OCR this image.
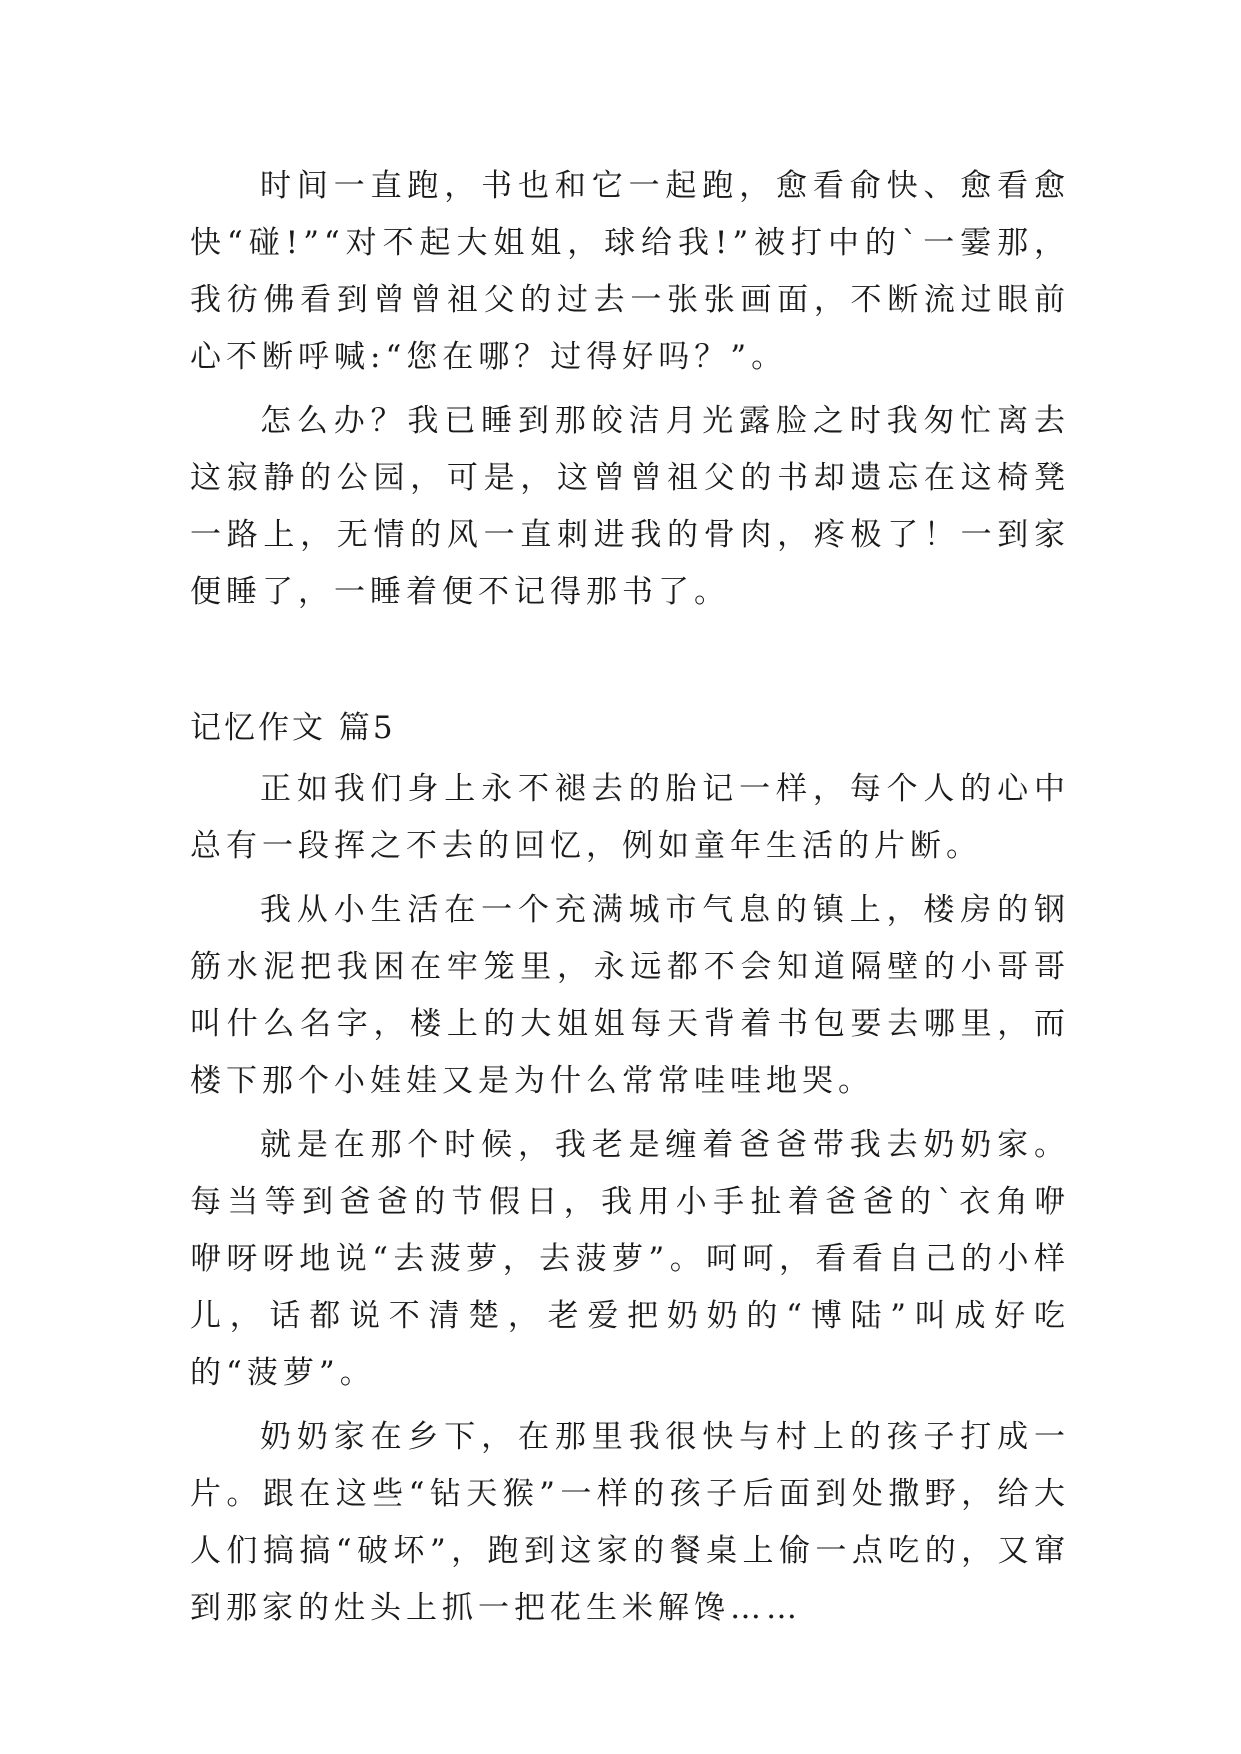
时间一直跑，书也和它一起跑，愈看俞快、愈看愈快“碰!”“对不起大姐姐，球给我!”被打中的`一霎那，我彷佛看到曾曾祖父的过去一张张画面，不断流过眼前心不断呼喊:“您在哪？过得好吗？”。

怎么办？我已睡到那皎洁月光露脸之时我匆忙离去这寂静的公园，可是，这曾曾祖父的书却遗忘在这椅凳一路上，无情的风一直刺进我的骨肉，疼极了！一到家便睡了，一睡着便不记得那书了。

记忆作文 篇5

正如我们身上永不褪去的胎记一样，每个人的心中总有一段挥之不去的回忆，例如童年生活的片断。

我从小生活在一个充满城市气息的镇上，楼房的钢筋水泥把我困在牢笼里，永远都不会知道隔壁的小哥哥叫什么名字，楼上的大姐姐每天背着书包要去哪里，而楼下那个小娃娃又是为什么常常哇哇地哭。

就是在那个时候，我老是缠着爸爸带我去奶奶家。每当等到爸爸的节假日，我用小手扯着爸爸的`衣角咿咿呀呀地说“去菠萝，去菠萝”。呵呵，看看自己的小样儿，话都说不清楚，老爱把奶奶的“博陆”叫成好吃的“菠萝”。

奶奶家在乡下，在那里我很快与村上的孩子打成一片。跟在这些“钻天猴”一样的孩子后面到处撒野，给大人们搞搞“破坏”，跑到这家的餐桌上偷一点吃的，又窜到那家的灶头上抓一把花生米解馋……
